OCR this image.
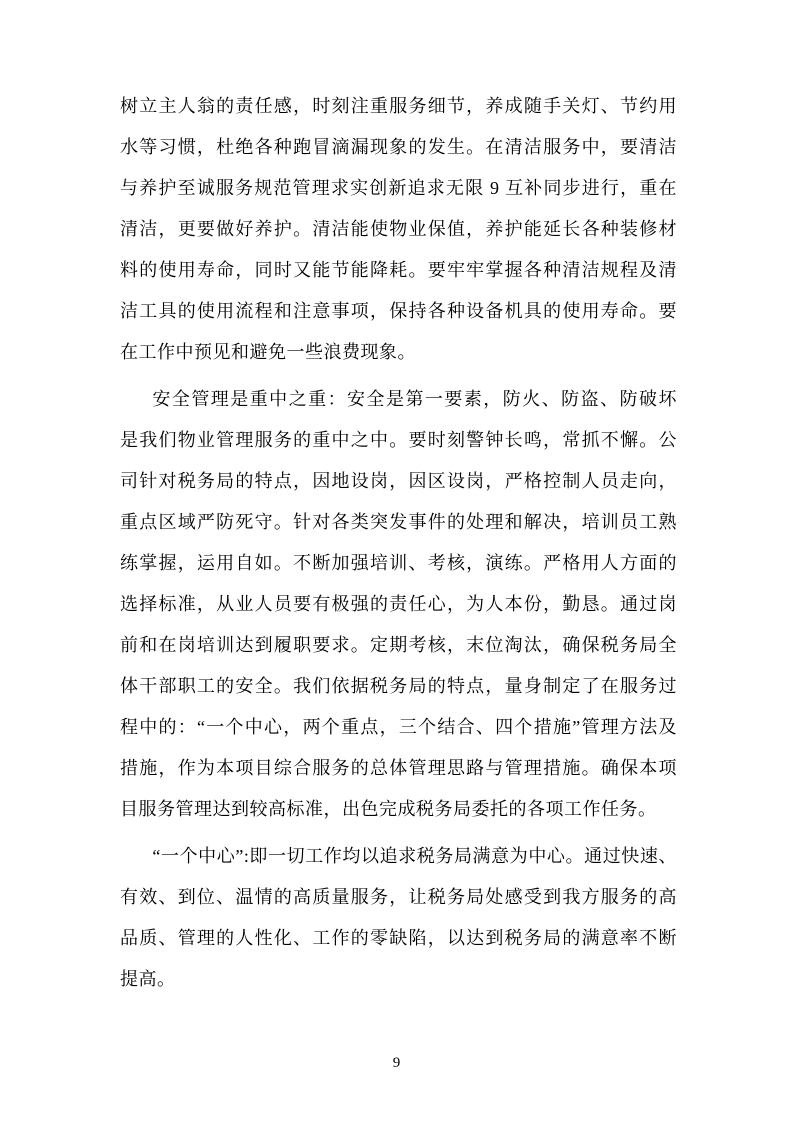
树立主人翁的责任感，时刻注重服务细节，养成随手关灯、节约用
水等习惯，杜绝各种跑冒滴漏现象的发生。在清洁服务中，要清洁
与养护至诚服务规范管理求实创新追求无限 9 互补同步进行，重在
清洁，更要做好养护。清洁能使物业保值，养护能延长各种装修材
料的使用寿命，同时又能节能降耗。要牢牢掌握各种清洁规程及清
洁工具的使用流程和注意事项，保持各种设备机具的使用寿命。要
在工作中预见和避免一些浪费现象。
安全管理是重中之重：安全是第一要素，防火、防盗、防破坏
是我们物业管理服务的重中之中。要时刻警钟长鸣，常抓不懈。公
司针对税务局的特点，因地设岗，因区设岗，严格控制人员走向，
重点区域严防死守。针对各类突发事件的处理和解决，培训员工熟
练掌握，运用自如。不断加强培训、考核，演练。严格用人方面的
选择标准，从业人员要有极强的责任心，为人本份，勤恳。通过岗
前和在岗培训达到履职要求。定期考核，末位淘汰，确保税务局全
体干部职工的安全。我们依据税务局的特点，量身制定了在服务过
程中的：“一个中心，两个重点，三个结合、四个措施”管理方法及
措施，作为本项目综合服务的总体管理思路与管理措施。确保本项
目服务管理达到较高标准，出色完成税务局委托的各项工作任务。
“一个中心”:即一切工作均以追求税务局满意为中心。通过快速、
有效、到位、温情的高质量服务，让税务局处感受到我方服务的高
品质、管理的人性化、工作的零缺陷，以达到税务局的满意率不断
提高。
9
